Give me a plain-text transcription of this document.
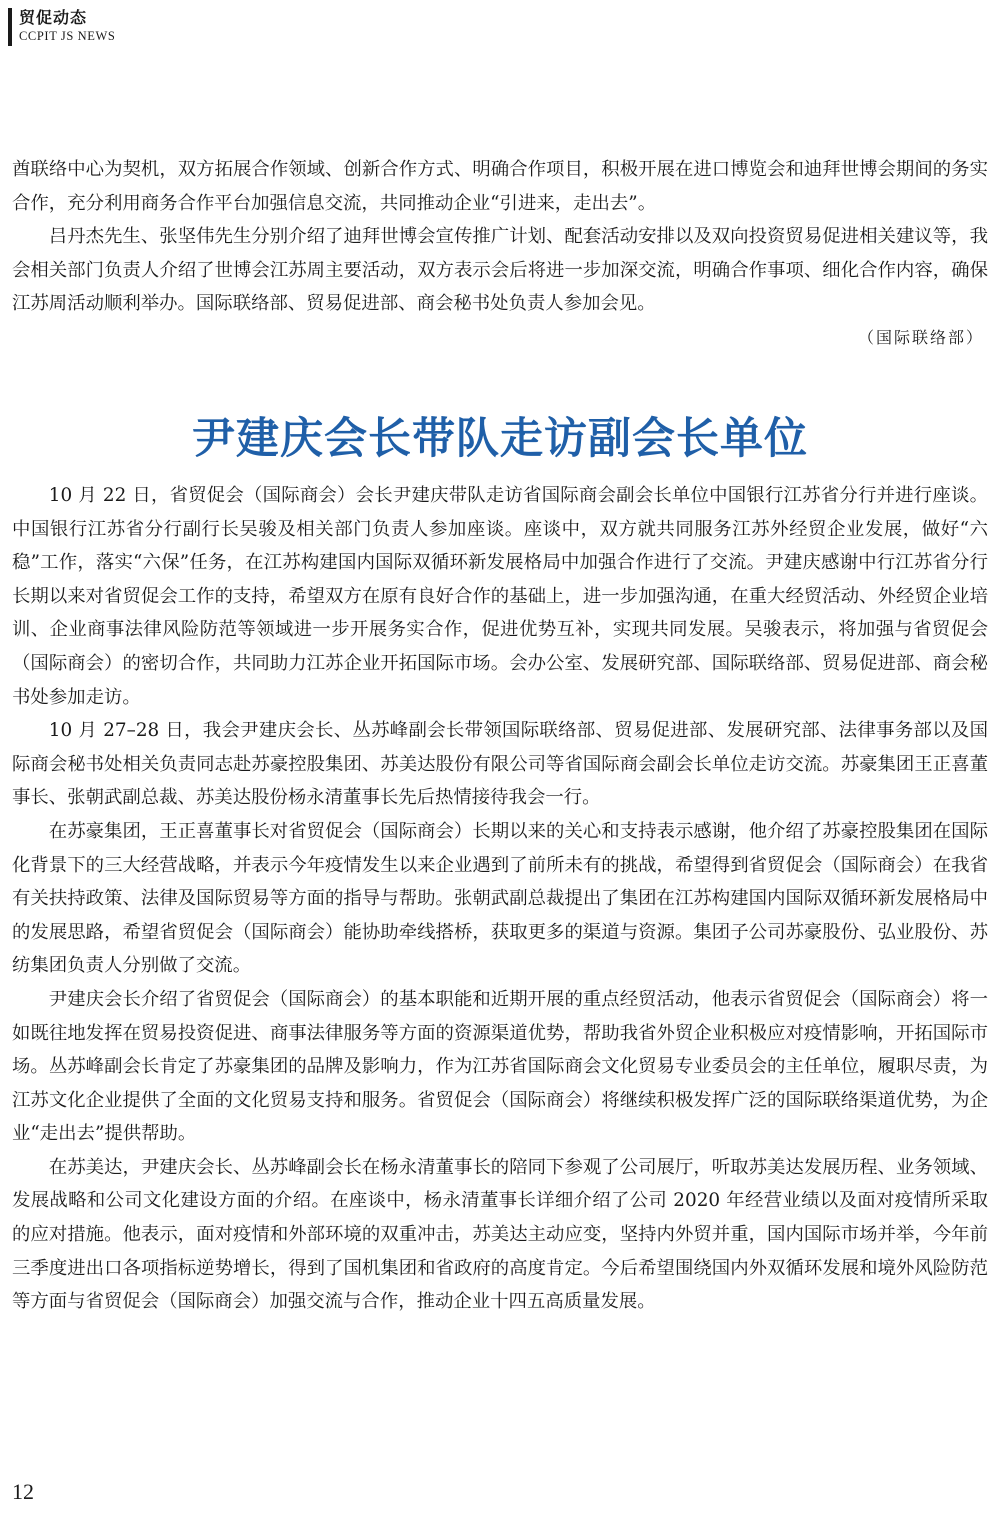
贸促动态
CCPIT JS NEWS

酋联络中心为契机，双方拓展合作领域、创新合作方式、明确合作项目，积极开展在进口博览会和迪拜世博会期间的务实合作，充分利用商务合作平台加强信息交流，共同推动企业“引进来，走出去”。

吕丹杰先生、张坚伟先生分别介绍了迪拜世博会宣传推广计划、配套活动安排以及双向投资贸易促进相关建议等，我会相关部门负责人介绍了世博会江苏周主要活动，双方表示会后将进一步加深交流，明确合作事项、细化合作内容，确保江苏周活动顺利举办。国际联络部、贸易促进部、商会秘书处负责人参加会见。

（国际联络部）

尹建庆会长带队走访副会长单位

10 月 22 日，省贸促会（国际商会）会长尹建庆带队走访省国际商会副会长单位中国银行江苏省分行并进行座谈。中国银行江苏省分行副行长吴骏及相关部门负责人参加座谈。座谈中，双方就共同服务江苏外经贸企业发展，做好“六稳”工作，落实“六保”任务，在江苏构建国内国际双循环新发展格局中加强合作进行了交流。尹建庆感谢中行江苏省分行长期以来对省贸促会工作的支持，希望双方在原有良好合作的基础上，进一步加强沟通，在重大经贸活动、外经贸企业培训、企业商事法律风险防范等领域进一步开展务实合作，促进优势互补，实现共同发展。吴骏表示，将加强与省贸促会（国际商会）的密切合作，共同助力江苏企业开拓国际市场。会办公室、发展研究部、国际联络部、贸易促进部、商会秘书处参加走访。

10 月 27–28 日，我会尹建庆会长、丛苏峰副会长带领国际联络部、贸易促进部、发展研究部、法律事务部以及国际商会秘书处相关负责同志赴苏豪控股集团、苏美达股份有限公司等省国际商会副会长单位走访交流。苏豪集团王正喜董事长、张朝武副总裁、苏美达股份杨永清董事长先后热情接待我会一行。

在苏豪集团，王正喜董事长对省贸促会（国际商会）长期以来的关心和支持表示感谢，他介绍了苏豪控股集团在国际化背景下的三大经营战略，并表示今年疫情发生以来企业遇到了前所未有的挑战，希望得到省贸促会（国际商会）在我省有关扶持政策、法律及国际贸易等方面的指导与帮助。张朝武副总裁提出了集团在江苏构建国内国际双循环新发展格局中的发展思路，希望省贸促会（国际商会）能协助牵线搭桥，获取更多的渠道与资源。集团子公司苏豪股份、弘业股份、苏纺集团负责人分别做了交流。

尹建庆会长介绍了省贸促会（国际商会）的基本职能和近期开展的重点经贸活动，他表示省贸促会（国际商会）将一如既往地发挥在贸易投资促进、商事法律服务等方面的资源渠道优势，帮助我省外贸企业积极应对疫情影响，开拓国际市场。丛苏峰副会长肯定了苏豪集团的品牌及影响力，作为江苏省国际商会文化贸易专业委员会的主任单位，履职尽责，为江苏文化企业提供了全面的文化贸易支持和服务。省贸促会（国际商会）将继续积极发挥广泛的国际联络渠道优势，为企业“走出去”提供帮助。

在苏美达，尹建庆会长、丛苏峰副会长在杨永清董事长的陪同下参观了公司展厅，听取苏美达发展历程、业务领域、发展战略和公司文化建设方面的介绍。在座谈中，杨永清董事长详细介绍了公司 2020 年经营业绩以及面对疫情所采取的应对措施。他表示，面对疫情和外部环境的双重冲击，苏美达主动应变，坚持内外贸并重，国内国际市场并举，今年前三季度进出口各项指标逆势增长，得到了国机集团和省政府的高度肯定。今后希望围绕国内外双循环发展和境外风险防范等方面与省贸促会（国际商会）加强交流与合作，推动企业十四五高质量发展。

12
